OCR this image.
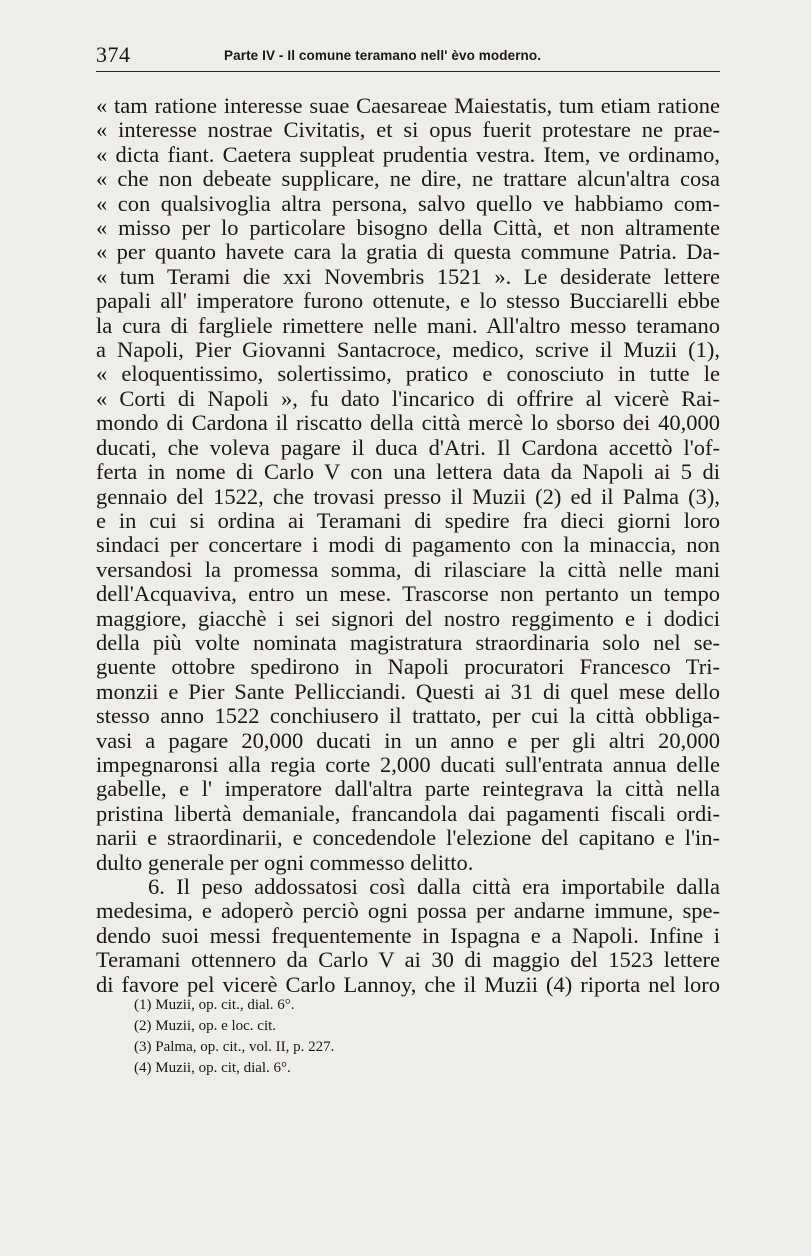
374	Parte IV - Il comune teramano nell' èvo moderno.
« tam ratione interesse suae Caesareae Maiestatis, tum etiam ratione
« interesse nostrae Civitatis, et si opus fuerit protestare ne prae-
« dicta fiant. Caetera suppleat prudentia vestra. Item, ve ordinamo,
« che non debeate supplicare, ne dire, ne trattare alcun'altra cosa
« con qualsivoglia altra persona, salvo quello ve habbiamo com-
« misso per lo particolare bisogno della Città, et non altramente
« per quanto havete cara la gratia di questa commune Patria. Da-
« tum Terami die xxi Novembris 1521 ». Le desiderate lettere
papali all' imperatore furono ottenute, e lo stesso Bucciarelli ebbe
la cura di fargliele rimettere nelle mani. All'altro messo teramano
a Napoli, Pier Giovanni Santacroce, medico, scrive il Muzii (1),
« eloquentissimo, solertissimo, pratico e conosciuto in tutte le
« Corti di Napoli », fu dato l'incarico di offrire al vicerè Rai-
mondo di Cardona il riscatto della città mercè lo sborso dei 40,000
ducati, che voleva pagare il duca d'Atri. Il Cardona accettò l'of-
ferta in nome di Carlo V con una lettera data da Napoli ai 5 di
gennaio del 1522, che trovasi presso il Muzii (2) ed il Palma (3),
e in cui si ordina ai Teramani di spedire fra dieci giorni loro
sindaci per concertare i modi di pagamento con la minaccia, non
versandosi la promessa somma, di rilasciare la città nelle mani
dell'Acquaviva, entro un mese. Trascorse non pertanto un tempo
maggiore, giacchè i sei signori del nostro reggimento e i dodici
della più volte nominata magistratura straordinaria solo nel se-
guente ottobre spedirono in Napoli procuratori Francesco Tri-
monzii e Pier Sante Pellicciandi. Questi ai 31 di quel mese dello
stesso anno 1522 conchiusero il trattato, per cui la città obbliga-
vasi a pagare 20,000 ducati in un anno e per gli altri 20,000
impegnaronsi alla regia corte 2,000 ducati sull'entrata annua delle
gabelle, e l' imperatore dall'altra parte reintegrava la città nella
pristina libertà demaniale, francandola dai pagamenti fiscali ordi-
narii e straordinarii, e concedendole l'elezione del capitano e l'in-
dulto generale per ogni commesso delitto.
6. Il peso addossatosi così dalla città era importabile dalla
medesima, e adoperò perciò ogni possa per andarne immune, spe-
dendo suoi messi frequentemente in Ispagna e a Napoli. Infine i
Teramani ottennero da Carlo V ai 30 di maggio del 1523 lettere
di favore pel vicerè Carlo Lannoy, che il Muzii (4) riporta nel loro
(1) Muzii, op. cit., dial. 6°.
(2) Muzii, op. e loc. cit.
(3) Palma, op. cit., vol. II, p. 227.
(4) Muzii, op. cit, dial. 6°.
